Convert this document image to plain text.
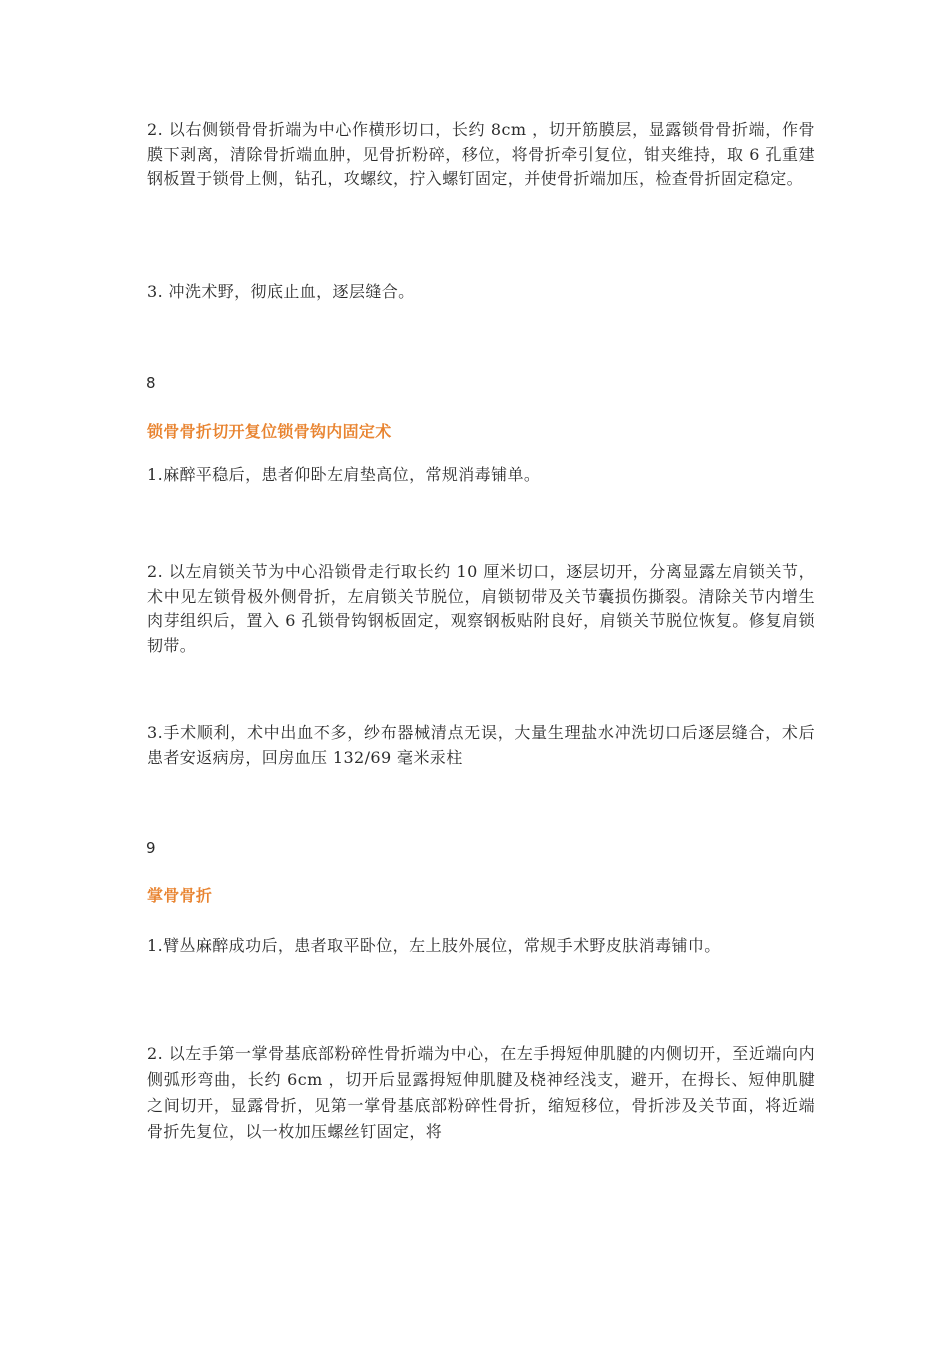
2. 以右侧锁骨骨折端为中心作横形切口，长约 8cm ，切开筋膜层，显露锁骨骨折端，作骨膜下剥离，清除骨折端血肿，见骨折粉碎，移位，将骨折牵引复位，钳夹维持，取 6 孔重建钢板置于锁骨上侧，钻孔，攻螺纹，拧入螺钉固定，并使骨折端加压，检查骨折固定稳定。

3. 冲洗术野，彻底止血，逐层缝合。

8

锁骨骨折切开复位锁骨钩内固定术

1.麻醉平稳后，患者仰卧左肩垫高位，常规消毒铺单。

2. 以左肩锁关节为中心沿锁骨走行取长约 10 厘米切口，逐层切开，分离显露左肩锁关节，术中见左锁骨极外侧骨折，左肩锁关节脱位，肩锁韧带及关节囊损伤撕裂。清除关节内增生肉芽组织后，置入 6 孔锁骨钩钢板固定，观察钢板贴附良好，肩锁关节脱位恢复。修复肩锁韧带。

3.手术顺利，术中出血不多，纱布器械清点无误，大量生理盐水冲洗切口后逐层缝合，术后患者安返病房，回房血压 132/69 毫米汞柱

9

掌骨骨折

1.臂丛麻醉成功后，患者取平卧位，左上肢外展位，常规手术野皮肤消毒铺巾。

2. 以左手第一掌骨基底部粉碎性骨折端为中心，在左手拇短伸肌腱的内侧切开，至近端向内侧弧形弯曲，长约 6cm ，切开后显露拇短伸肌腱及桡神经浅支，避开，在拇长、短伸肌腱之间切开，显露骨折，见第一掌骨基底部粉碎性骨折，缩短移位，骨折涉及关节面，将近端骨折先复位，以一枚加压螺丝钉固定，将
